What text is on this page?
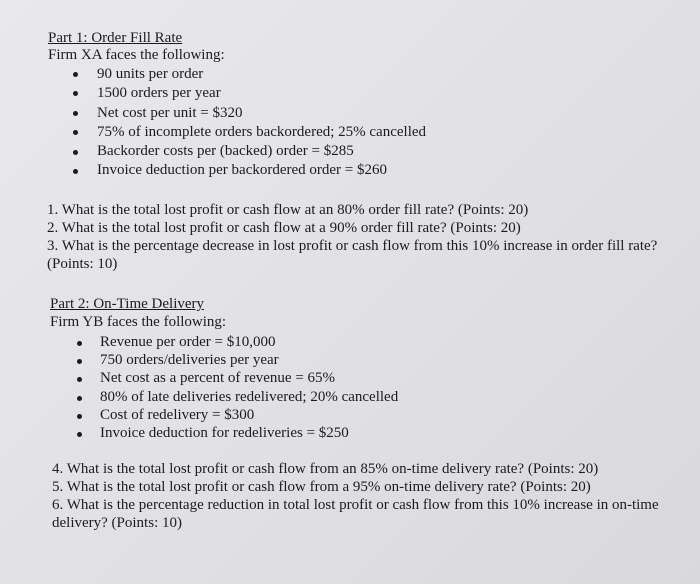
Part 1: Order Fill Rate
Firm XA faces the following:
90 units per order
1500 orders per year
Net cost per unit = $320
75% of incomplete orders backordered; 25% cancelled
Backorder costs per (backed) order = $285
Invoice deduction per backordered order = $260
1. What is the total lost profit or cash flow at an 80% order fill rate? (Points: 20)
2. What is the total lost profit or cash flow at a 90% order fill rate? (Points: 20)
3. What is the percentage decrease in lost profit or cash flow from this 10% increase in order fill rate?
(Points: 10)
Part 2: On-Time Delivery
Firm YB faces the following:
Revenue per order = $10,000
750 orders/deliveries per year
Net cost as a percent of revenue = 65%
80% of late deliveries redelivered; 20% cancelled
Cost of redelivery = $300
Invoice deduction for redeliveries = $250
4. What is the total lost profit or cash flow from an 85% on-time delivery rate? (Points: 20)
5. What is the total lost profit or cash flow from a 95% on-time delivery rate? (Points: 20)
6. What is the percentage reduction in total lost profit or cash flow from this 10% increase in on-time
delivery? (Points: 10)
